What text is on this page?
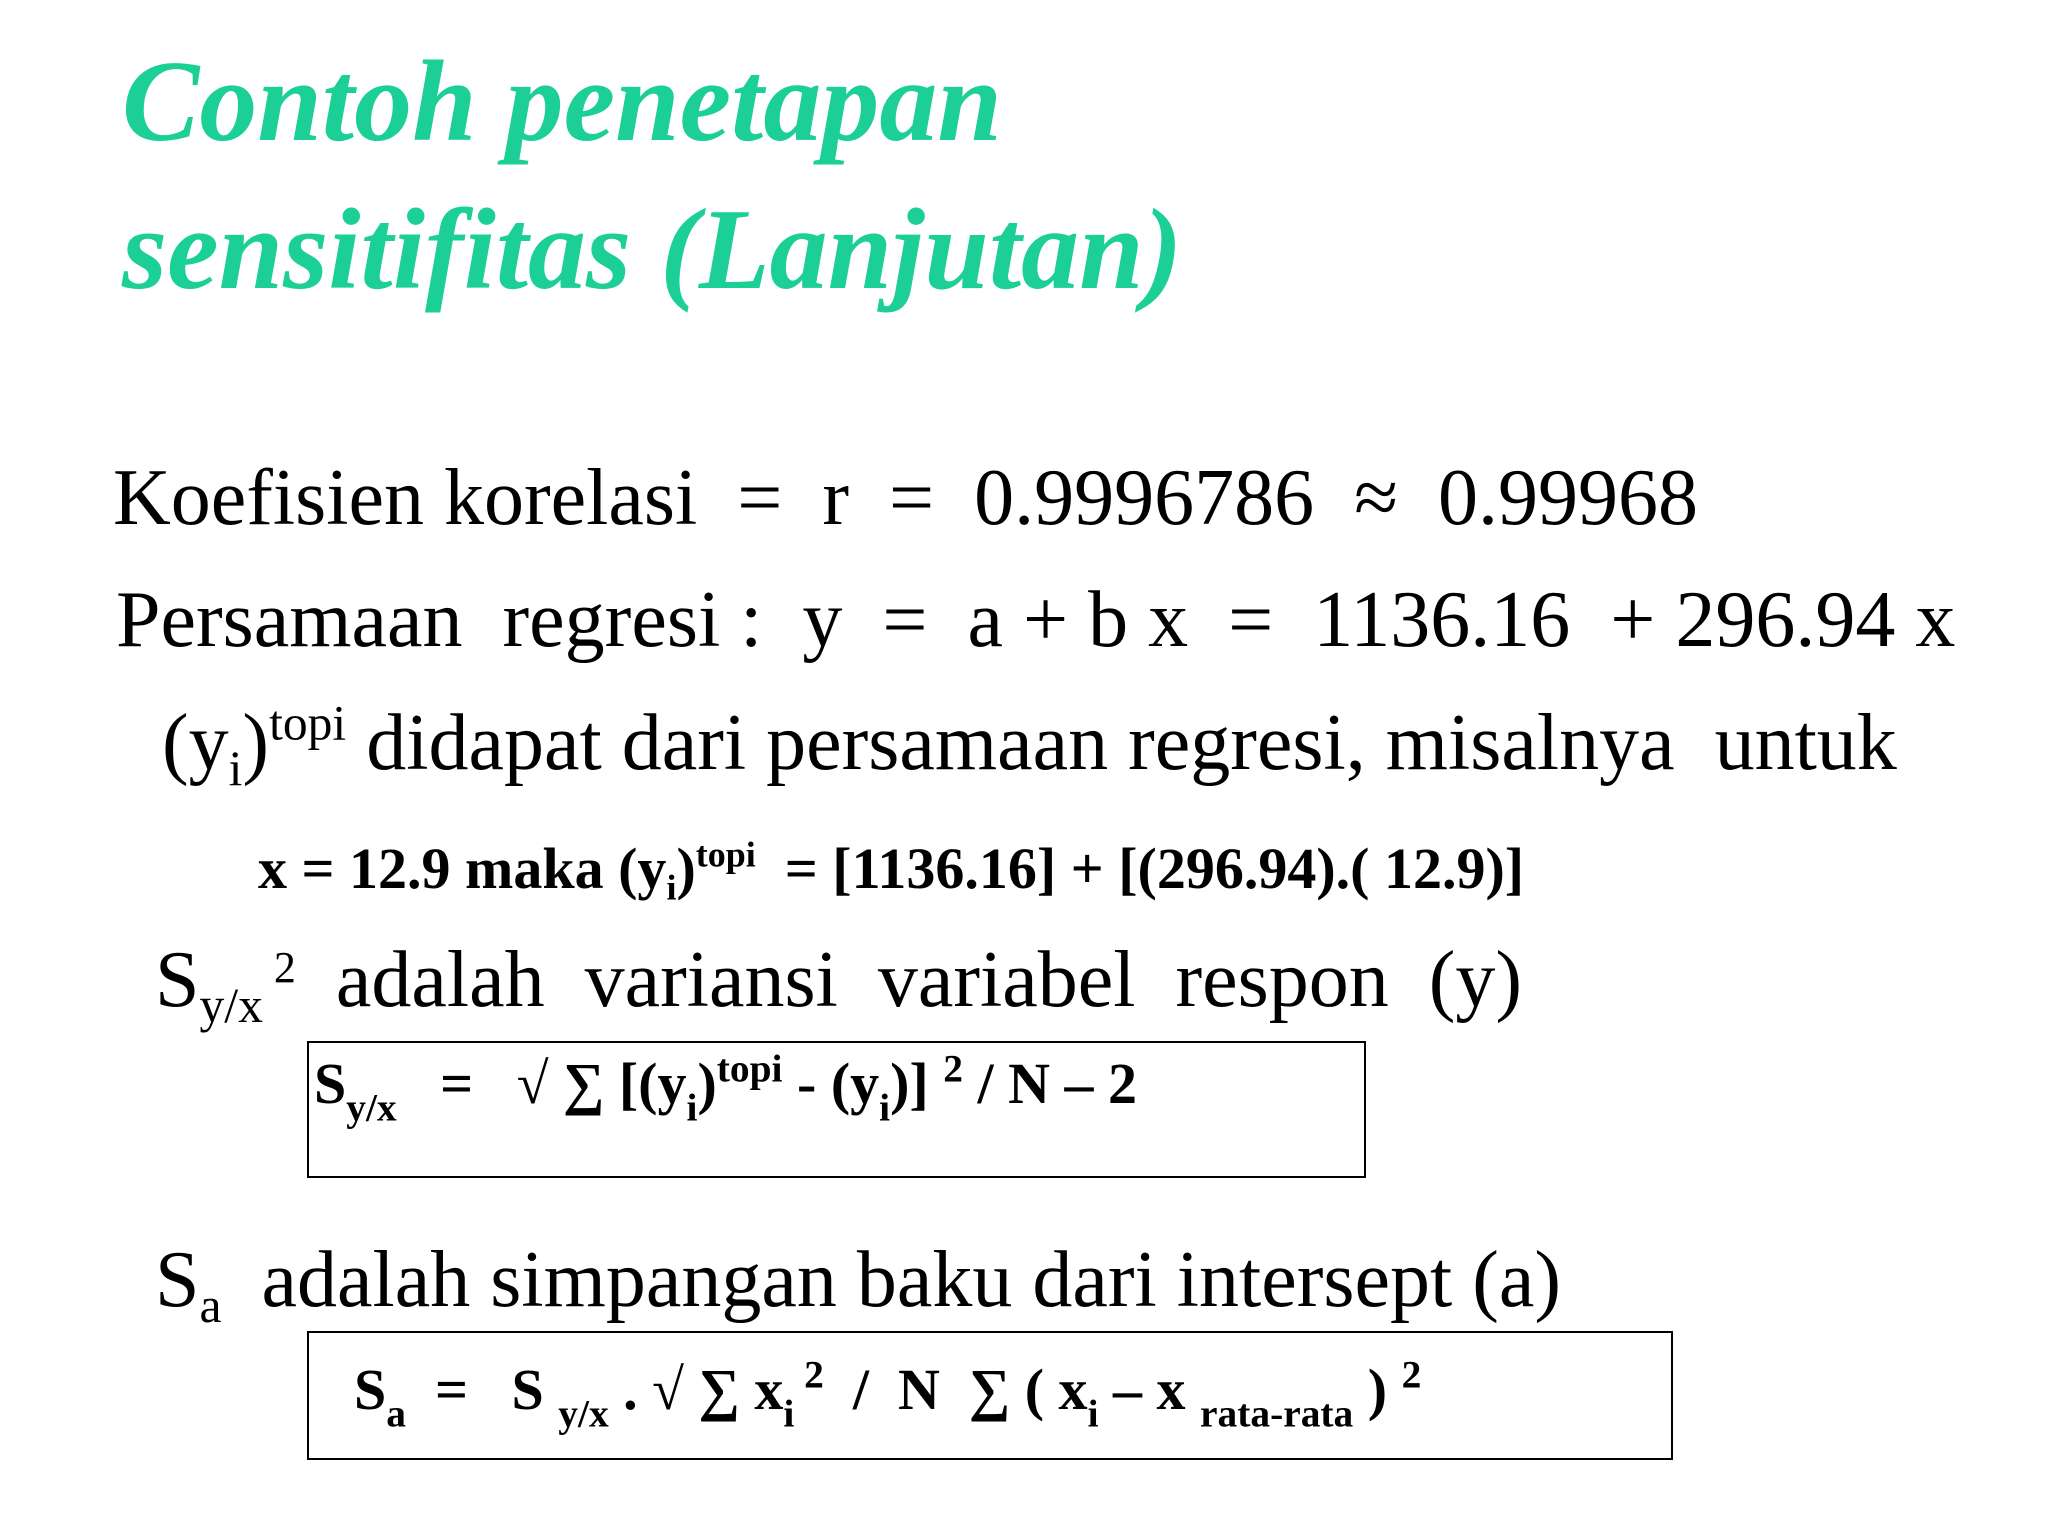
Contoh penetapan
sensitifitas (Lanjutan)
Koefisien korelasi =  r  =  0.9996786  ≈  0.99968
Persamaan  regresi : y  =  a + b x  =  1136.16  + 296.94 x
$(y_i)^{topi}$ didapat dari persamaan regresi, misalnya  untuk
x = 12.9 maka $(y_i)^{topi} = [1136.16] + [(296.94)$.( 12.9)]
$S_{y/x}$ $^2$  adalah  variansi  variabel  respon  (y)
$S_{y/x}$   =   √ ∑ $[(y_i)^{topi} - (y_i)]$ $^2$ / N – 2
$S_a$  adalah simpangan baku dari intersept (a)
$S_a = S$ $_{y/x}$ . √ ∑ $x_i$ $^2$  /  N  ∑ ( $x_i$ – x $_{rata-rata}$ ) $^2$
